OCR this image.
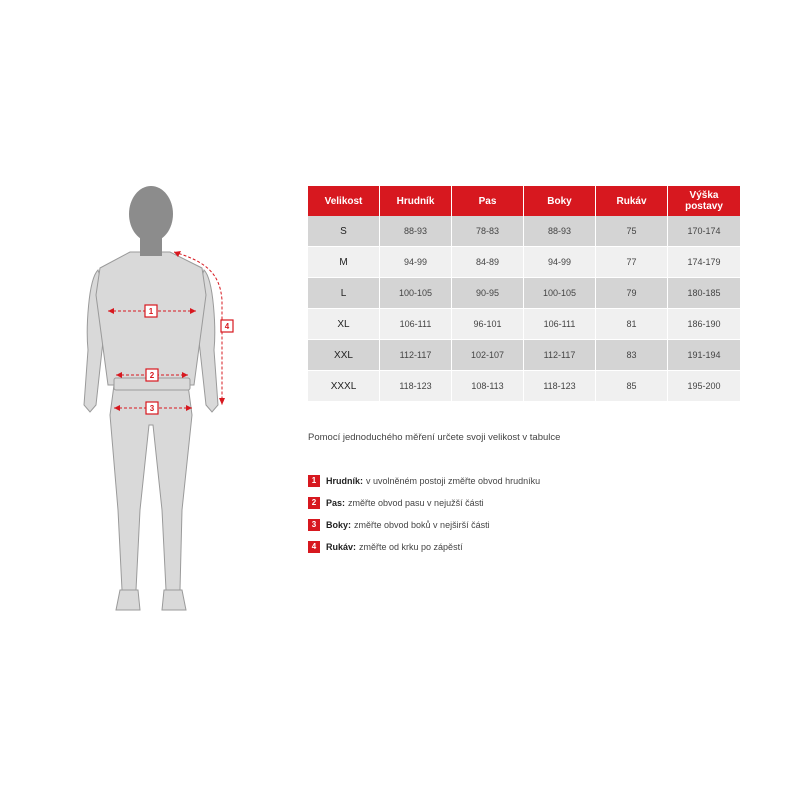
1
2
3
4
Velikost	Hrudník	Pas	Boky	Rukáv	Výška postavy
S	88-93	78-83	88-93	75	170-174
M	94-99	84-89	94-99	77	174-179
L	100-105	90-95	100-105	79	180-185
XL	106-111	96-101	106-111	81	186-190
XXL	112-117	102-107	112-117	83	191-194
XXXL	118-123	108-113	118-123	85	195-200
Pomocí jednoduchého měření určete svoji velikost v tabulce
1	Hrudník: v uvolněném postoji změřte obvod hrudníku
2	Pas: změřte obvod pasu v nejužší části
3	Boky: změřte obvod boků v nejširší části
4	Rukáv: změřte od krku po zápěstí
